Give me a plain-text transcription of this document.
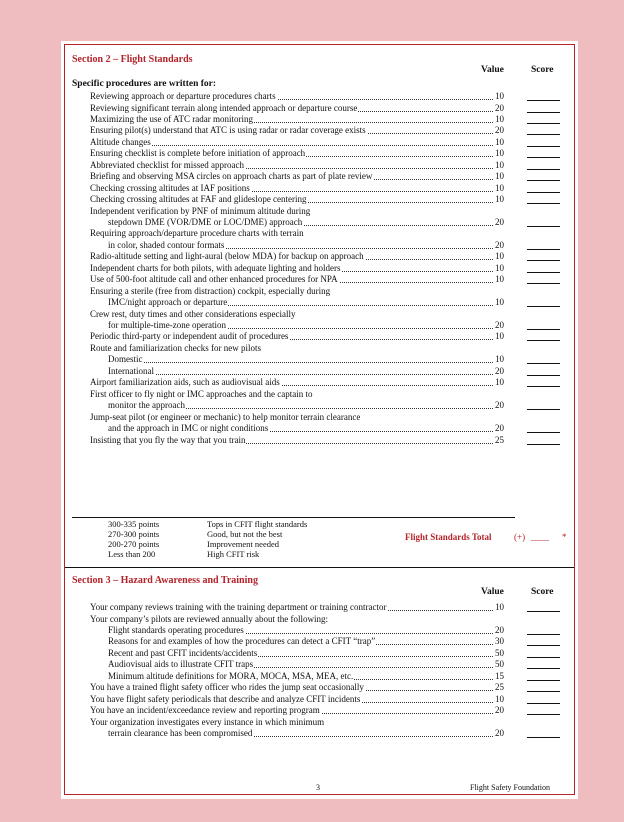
Section 2 – Flight Standards
Value	Score
Specific procedures are written for:
Reviewing approach or departure procedures charts	10
Reviewing significant terrain along intended approach or departure course	20
Maximizing the use of ATC radar monitoring	10
Ensuring pilot(s) understand that ATC is using radar or radar coverage exists	20
Altitude changes	10
Ensuring checklist is complete before initiation of approach	10
Abbreviated checklist for missed approach	10
Briefing and observing MSA circles on approach charts as part of plate review	10
Checking crossing altitudes at IAF positions	10
Checking crossing altitudes at FAF and glideslope centering	10
Independent verification by PNF of minimum altitude during
stepdown DME (VOR/DME or LOC/DME) approach	20
Requiring approach/departure procedure charts with terrain
in color, shaded contour formats	20
Radio-altitude setting and light-aural (below MDA) for backup on approach	10
Independent charts for both pilots, with adequate lighting and holders	10
Use of 500-foot altitude call and other enhanced procedures for NPA	10
Ensuring a sterile (free from distraction) cockpit, especially during
IMC/night approach or departure	10
Crew rest, duty times and other considerations especially
for multiple-time-zone operation	20
Periodic third-party or independent audit of procedures	10
Route and familiarization checks for new pilots
Domestic	10
International	20
Airport familiarization aids, such as audiovisual aids	10
First officer to fly night or IMC approaches and the captain to
monitor the approach	20
Jump-seat pilot (or engineer or mechanic) to help monitor terrain clearance
and the approach in IMC or night conditions	20
Insisting that you fly the way that you train	25
300-335 points	Tops in CFIT flight standards
270-300 points	Good, but not the best
200-270 points	Improvement needed
Less than 200	High CFIT risk
Flight Standards Total (+) ____ *
Section 3 – Hazard Awareness and Training
Value	Score
Your company reviews training with the training department or training contractor	10
Your company’s pilots are reviewed annually about the following:
Flight standards operating procedures	20
Reasons for and examples of how the procedures can detect a CFIT “trap”	30
Recent and past CFIT incidents/accidents	50
Audiovisual aids to illustrate CFIT traps	50
Minimum altitude definitions for MORA, MOCA, MSA, MEA, etc.	15
You have a trained flight safety officer who rides the jump seat occasionally	25
You have flight safety periodicals that describe and analyze CFIT incidents	10
You have an incident/exceedance review and reporting program	20
Your organization investigates every instance in which minimum
terrain clearance has been compromised	20
3	Flight Safety Foundation
